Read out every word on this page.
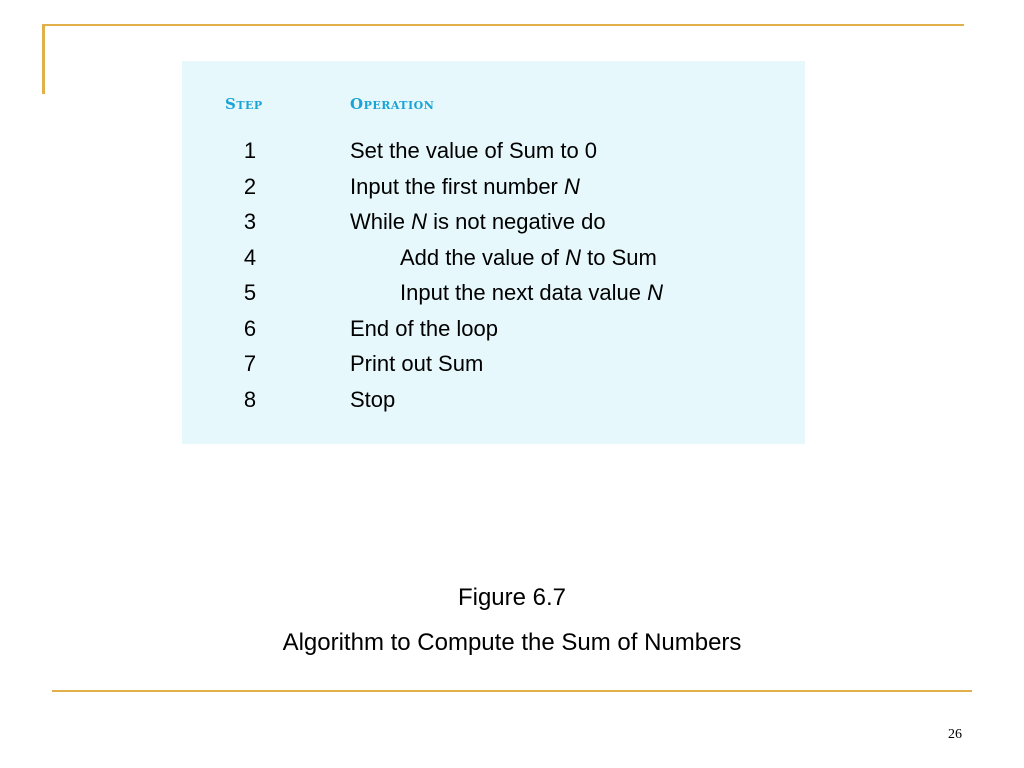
Step	Operation
1	Set the value of Sum to 0
2	Input the first number N
3	While N is not negative do
4	Add the value of N to Sum
5	Input the next data value N
6	End of the loop
7	Print out Sum
8	Stop
Figure 6.7
Algorithm to Compute the Sum of Numbers
26
